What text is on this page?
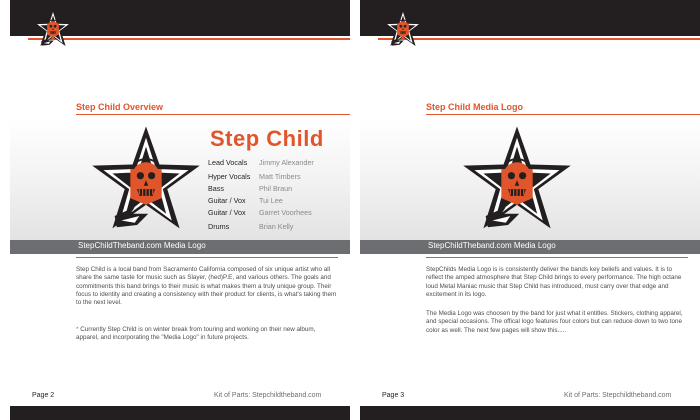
Step Child Overview
Step Child
Lead Vocals Jimmy Alexander
Hyper Vocals Matt Timbers
Bass	Phil Braun
Guitar / Vox Tui Lee
Guitar / Vox Garret Voorhees
Drums	Brian Kelly
StepChildTheband.com Media Logo

Step Child is a local band from Sacramento California composed of six unique artist who all share the same taste for music such as Slayer, (hed)P.E, and various others. The goals and commitments this band brings to their music is what makes them a truly unique group. Their focus to identity and creating a consistency with their product for clients, is what's taking them to the next level.

* Currently Step Child is on winter break from touring and working on their new album, apparel, and incorporating the "Media Logo" in future projects.

Page 2	Kit of Parts: Stepchildtheband.com
Step Child Media Logo
StepChildTheband.com Media Logo

StepChilds Media Logo is is consistently deliver the bands key beliefs and values. It is to reflect the amped atmosphere that Step Child brings to every performance. The high octane loud Metal Maniac music that Step Child has introduced, must carry over that edge and excitement in its logo.

The Media Logo was choosen by the band for just what it entitles. Stickers, clothing apparel, and special occasions. The offical logo features four colors but can reduce down to two tone color as well. The next few pages will show this.....

Page 3	Kit of Parts: Stepchildtheband.com
